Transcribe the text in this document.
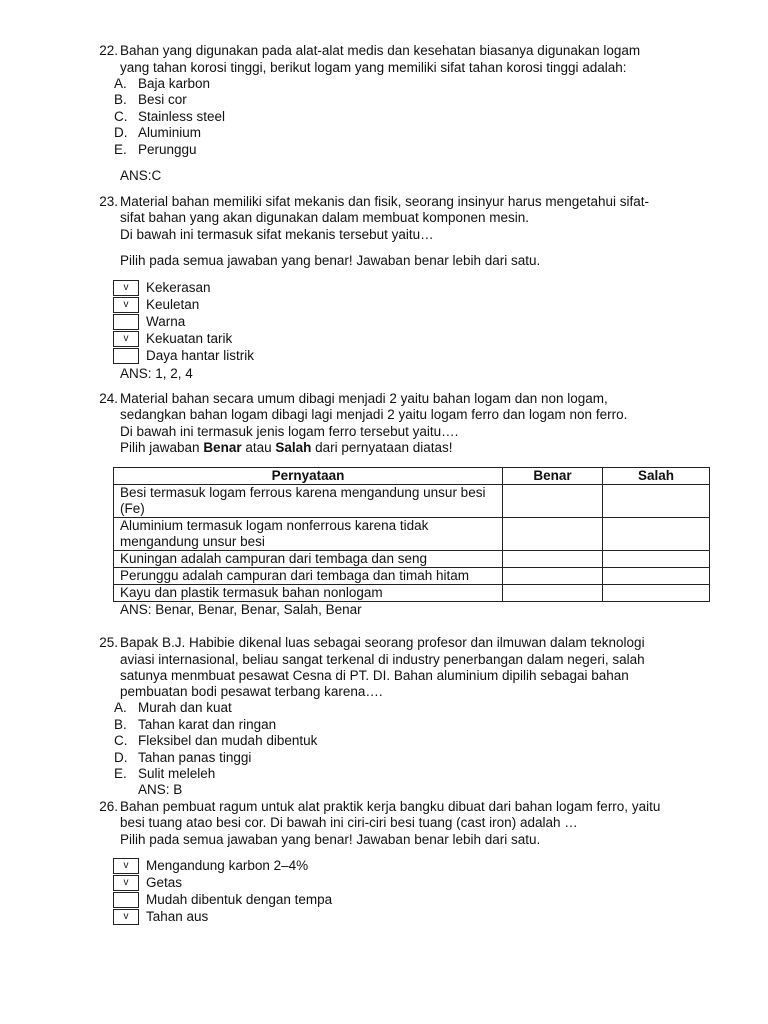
22. Bahan yang digunakan pada alat-alat medis dan kesehatan biasanya digunakan logam
yang tahan korosi tinggi, berikut logam yang memiliki sifat tahan korosi tinggi adalah:
A. Baja karbon
B. Besi cor
C. Stainless steel
D. Aluminium
E. Perunggu
ANS:C
23. Material bahan memiliki sifat mekanis dan fisik, seorang insinyur harus mengetahui sifat-
sifat bahan yang akan digunakan dalam membuat komponen mesin.
Di bawah ini termasuk sifat mekanis tersebut yaitu…
Pilih pada semua jawaban yang benar! Jawaban benar lebih dari satu.
v	Kekerasan
v	Keuletan
Warna
v	Kekuatan tarik
Daya hantar listrik
ANS: 1, 2, 4
24. Material bahan secara umum dibagi menjadi 2 yaitu bahan logam dan non logam,
sedangkan bahan logam dibagi lagi menjadi 2 yaitu logam ferro dan logam non ferro.
Di bawah ini termasuk jenis logam ferro tersebut yaitu….
Pilih jawaban Benar atau Salah dari pernyataan diatas!
Pernyataan	Benar	Salah
Besi termasuk logam ferrous karena mengandung unsur besi (Fe)		
Aluminium termasuk logam nonferrous karena tidak mengandung unsur besi		
Kuningan adalah campuran dari tembaga dan seng		
Perunggu adalah campuran dari tembaga dan timah hitam		
Kayu dan plastik termasuk bahan nonlogam		
ANS: Benar, Benar, Benar, Salah, Benar
25. Bapak B.J. Habibie dikenal luas sebagai seorang profesor dan ilmuwan dalam teknologi
aviasi internasional, beliau sangat terkenal di industry penerbangan dalam negeri, salah
satunya menmbuat pesawat Cesna di PT. DI. Bahan aluminium dipilih sebagai bahan
pembuatan bodi pesawat terbang karena….
A. Murah dan kuat
B. Tahan karat dan ringan
C. Fleksibel dan mudah dibentuk
D. Tahan panas tinggi
E. Sulit meleleh
ANS: B
26. Bahan pembuat ragum untuk alat praktik kerja bangku dibuat dari bahan logam ferro, yaitu
besi tuang atao besi cor. Di bawah ini ciri-ciri besi tuang (cast iron) adalah …
Pilih pada semua jawaban yang benar! Jawaban benar lebih dari satu.
v	Mengandung karbon 2–4%
v	Getas
Mudah dibentuk dengan tempa
v	Tahan aus
